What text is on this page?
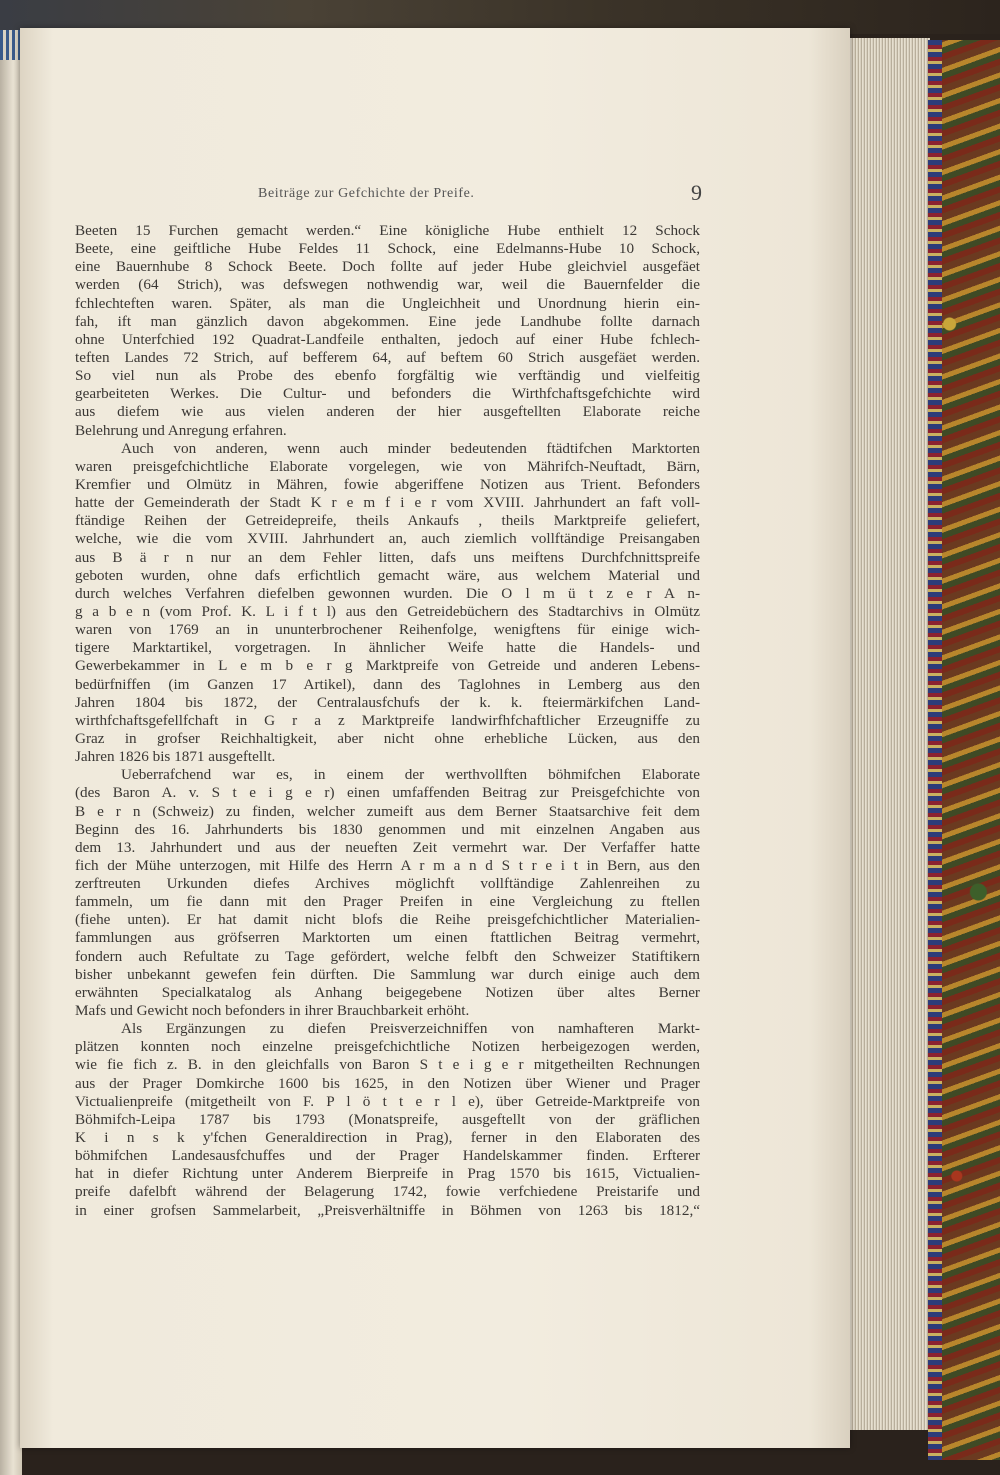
Beiträge zur Gefchichte der Preife.	9
Beeten 15 Furchen gemacht werden.“ Eine königliche Hube enthielt 12 Schock
Beete, eine geiftliche Hube Feldes 11 Schock, eine Edelmanns-Hube 10 Schock,
eine Bauernhube 8 Schock Beete. Doch follte auf jeder Hube gleichviel ausgefäet
werden (64 Strich), was defswegen nothwendig war, weil die Bauernfelder die
fchlechteften waren. Später, als man die Ungleichheit und Unordnung hierin ein-
fah, ift man gänzlich davon abgekommen. Eine jede Landhube follte darnach
ohne Unterfchied 192 Quadrat-Landfeile enthalten, jedoch auf einer Hube fchlech-
teften Landes 72 Strich, auf befferem 64, auf beftem 60 Strich ausgefäet werden.
So viel nun als Probe des ebenfo forgfältig wie verftändig und vielfeitig
gearbeiteten Werkes. Die Cultur- und befonders die Wirthfchaftsgefchichte wird
aus diefem wie aus vielen anderen der hier ausgeftellten Elaborate reiche
Belehrung und Anregung erfahren.
Auch von anderen, wenn auch minder bedeutenden ftädtifchen Marktorten
waren preisgefchichtliche Elaborate vorgelegen, wie von Mährifch-Neuftadt, Bärn,
Kremfier und Olmütz in Mähren, fowie abgeriffene Notizen aus Trient. Befonders
hatte der Gemeinderath der Stadt K r e m f i e r vom XVIII. Jahrhundert an faft voll-
ftändige Reihen der Getreidepreife, theils Ankaufs , theils Marktpreife geliefert,
welche, wie die vom XVIII. Jahrhundert an, auch ziemlich vollftändige Preisangaben
aus B ä r n nur an dem Fehler litten, dafs uns meiftens Durchfchnittspreife
geboten wurden, ohne dafs erfichtlich gemacht wäre, aus welchem Material und
durch welches Verfahren diefelben gewonnen wurden. Die O l m ü t z e r A n-
g a b e n (vom Prof. K. L i f t l) aus den Getreidebüchern des Stadtarchivs in Olmütz
waren von 1769 an in ununterbrochener Reihenfolge, wenigftens für einige wich-
tigere Marktartikel, vorgetragen. In ähnlicher Weife hatte die Handels- und
Gewerbekammer in L e m b e r g Marktpreife von Getreide und anderen Lebens-
bedürfniffen (im Ganzen 17 Artikel), dann des Taglohnes in Lemberg aus den
Jahren 1804 bis 1872, der Centralausfchufs der k. k. fteiermärkifchen Land-
wirthfchaftsgefellfchaft in G r a z Marktpreife landwirfhfchaftlicher Erzeugniffe zu
Graz in grofser Reichhaltigkeit, aber nicht ohne erhebliche Lücken, aus den
Jahren 1826 bis 1871 ausgeftellt.
Ueberrafchend war es, in einem der werthvollften böhmifchen Elaborate
(des Baron A. v. S t e i g e r) einen umfaffenden Beitrag zur Preisgefchichte von
B e r n (Schweiz) zu finden, welcher zumeift aus dem Berner Staatsarchive feit dem
Beginn des 16. Jahrhunderts bis 1830 genommen und mit einzelnen Angaben aus
dem 13. Jahrhundert und aus der neueften Zeit vermehrt war. Der Verfaffer hatte
fich der Mühe unterzogen, mit Hilfe des Herrn A r m a n d S t r e i t in Bern, aus den
zerftreuten Urkunden diefes Archives möglichft vollftändige Zahlenreihen zu
fammeln, um fie dann mit den Prager Preifen in eine Vergleichung zu ftellen
(fiehe unten). Er hat damit nicht blofs die Reihe preisgefchichtlicher Materialien-
fammlungen aus gröfserren Marktorten um einen ftattlichen Beitrag vermehrt,
fondern auch Refultate zu Tage gefördert, welche felbft den Schweizer Statiftikern
bisher unbekannt gewefen fein dürften. Die Sammlung war durch einige auch dem
erwähnten Specialkatalog als Anhang beigegebene Notizen über altes Berner
Mafs und Gewicht noch befonders in ihrer Brauchbarkeit erhöht.
Als Ergänzungen zu diefen Preisverzeichniffen von namhafteren Markt-
plätzen konnten noch einzelne preisgefchichtliche Notizen herbeigezogen werden,
wie fie fich z. B. in den gleichfalls von Baron S t e i g e r mitgetheilten Rechnungen
aus der Prager Domkirche 1600 bis 1625, in den Notizen über Wiener und Prager
Victualienpreife (mitgetheilt von F. P l ö t t e r l e), über Getreide-Marktpreife von
Böhmifch-Leipa 1787 bis 1793 (Monatspreife, ausgeftellt von der gräflichen
K i n s k y'fchen Generaldirection in Prag), ferner in den Elaboraten des
böhmifchen Landesausfchuffes und der Prager Handelskammer finden. Erfterer
hat in diefer Richtung unter Anderem Bierpreife in Prag 1570 bis 1615, Victualien-
preife dafelbft während der Belagerung 1742, fowie verfchiedene Preistarife und
in einer grofsen Sammelarbeit, „Preisverhältniffe in Böhmen von 1263 bis 1812,“
